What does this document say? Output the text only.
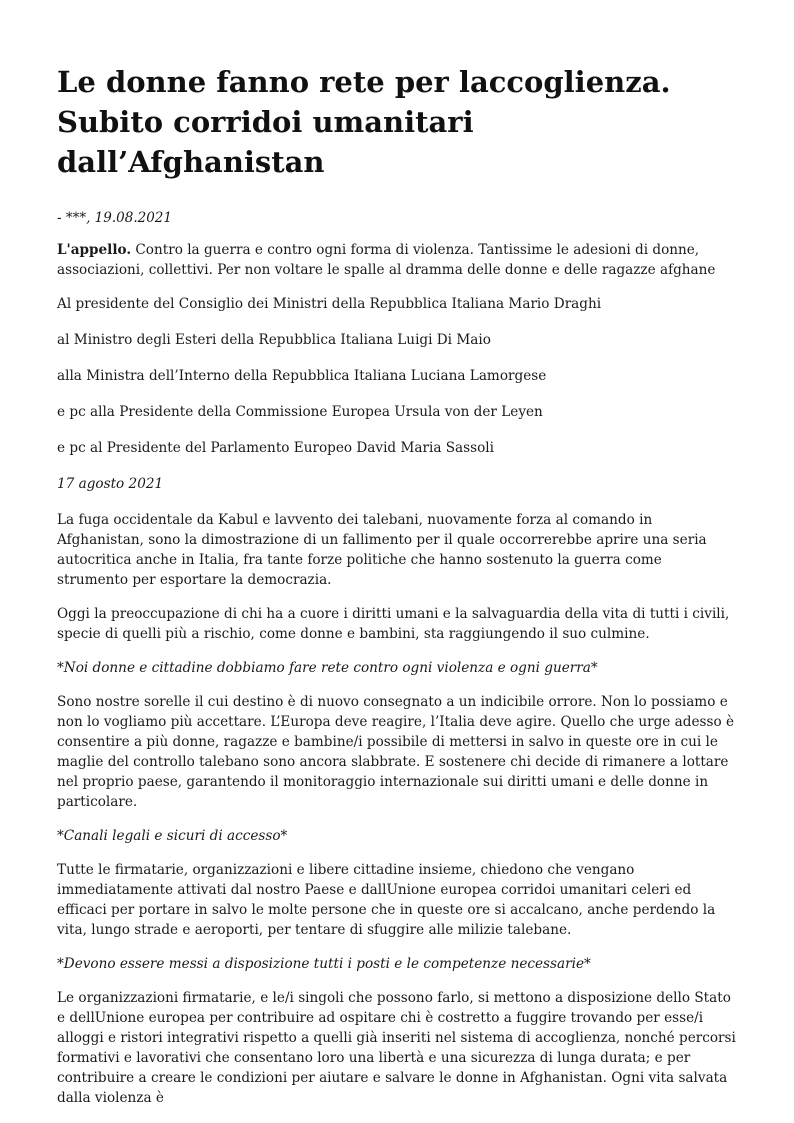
Le donne fanno rete per laccoglienza. Subito corridoi umanitari dall’Afghanistan
- ***, 19.08.2021

L'appello. Contro la guerra e contro ogni forma di violenza. Tantissime le adesioni di donne, associazioni, collettivi. Per non voltare le spalle al dramma delle donne e delle ragazze afghane

Al presidente del Consiglio dei Ministri della Repubblica Italiana Mario Draghi

al Ministro degli Esteri della Repubblica Italiana Luigi Di Maio

alla Ministra dell’Interno della Repubblica Italiana Luciana Lamorgese

e pc alla Presidente della Commissione Europea Ursula von der Leyen

e pc al Presidente del Parlamento Europeo David Maria Sassoli

17 agosto 2021

La fuga occidentale da Kabul e lavvento dei talebani, nuovamente forza al comando in Afghanistan, sono la dimostrazione di un fallimento per il quale occorrerebbe aprire una seria autocritica anche in Italia, fra tante forze politiche che hanno sostenuto la guerra come strumento per esportare la democrazia.

Oggi la preoccupazione di chi ha a cuore i diritti umani e la salvaguardia della vita di tutti i civili, specie di quelli più a rischio, come donne e bambini, sta raggiungendo il suo culmine.

*Noi donne e cittadine dobbiamo fare rete contro ogni violenza e ogni guerra*

Sono nostre sorelle il cui destino è di nuovo consegnato a un indicibile orrore. Non lo possiamo e non lo vogliamo più accettare. L’Europa deve reagire, l’Italia deve agire. Quello che urge adesso è consentire a più donne, ragazze e bambine/i possibile di mettersi in salvo in queste ore in cui le maglie del controllo talebano sono ancora slabbrate. E sostenere chi decide di rimanere a lottare nel proprio paese, garantendo il monitoraggio internazionale sui diritti umani e delle donne in particolare.

*Canali legali e sicuri di accesso*

Tutte le firmatarie, organizzazioni e libere cittadine insieme, chiedono che vengano immediatamente attivati dal nostro Paese e dallUnione europea corridoi umanitari celeri ed efficaci per portare in salvo le molte persone che in queste ore si accalcano, anche perdendo la vita, lungo strade e aeroporti, per tentare di sfuggire alle milizie talebane.

*Devono essere messi a disposizione tutti i posti e le competenze necessarie*

Le organizzazioni firmatarie, e le/i singoli che possono farlo, si mettono a disposizione dello Stato e dellUnione europea per contribuire ad ospitare chi è costretto a fuggire trovando per esse/i alloggi e ristori integrativi rispetto a quelli già inseriti nel sistema di accoglienza, nonché percorsi formativi e lavorativi che consentano loro una libertà e una sicurezza di lunga durata; e per contribuire a creare le condizioni per aiutare e salvare le donne in Afghanistan. Ogni vita salvata dalla violenza è
